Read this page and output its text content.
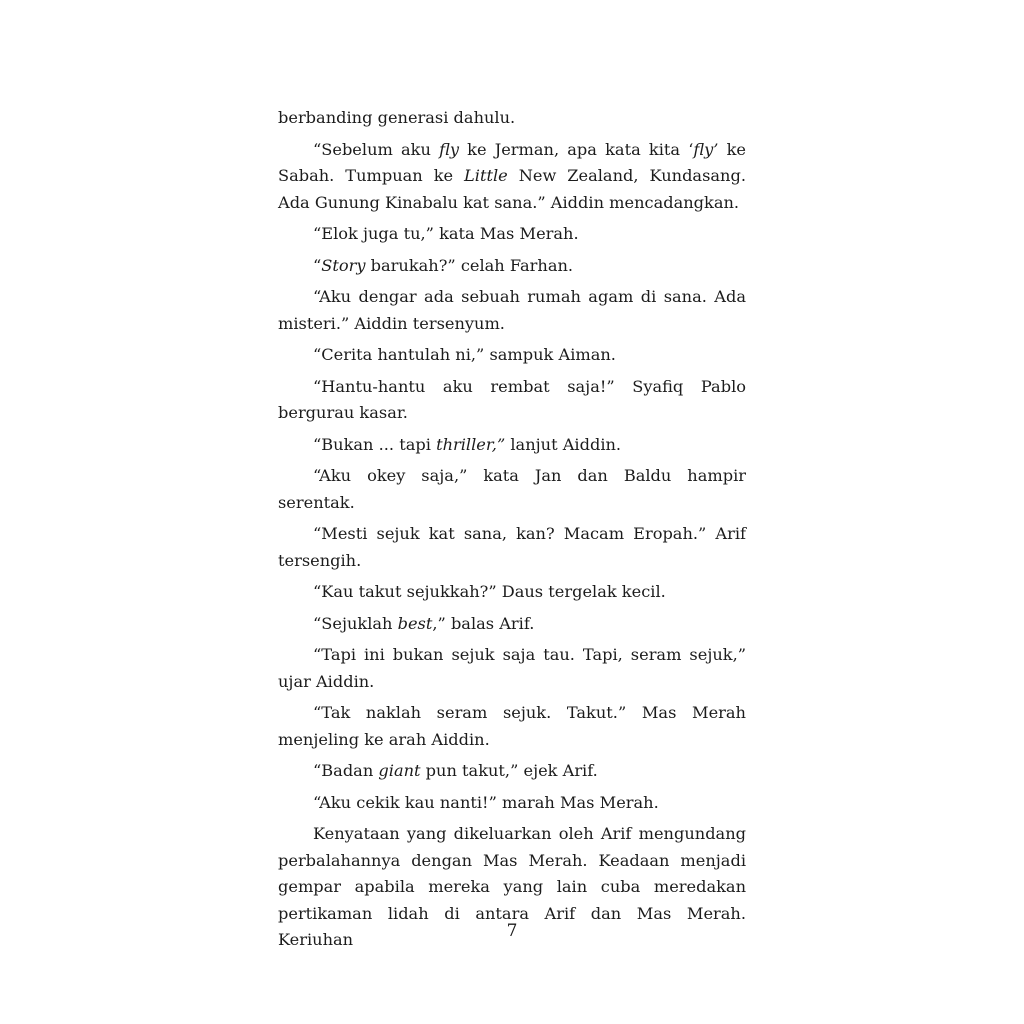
berbanding generasi dahulu.

“Sebelum aku fly ke Jerman, apa kata kita ‘fly’ ke Sabah. Tumpuan ke Little New Zealand, Kundasang. Ada Gunung Kinabalu kat sana.” Aiddin mencadangkan.

“Elok juga tu,” kata Mas Merah.

“Story barukah?” celah Farhan.

“Aku dengar ada sebuah rumah agam di sana. Ada misteri.” Aiddin tersenyum.

“Cerita hantulah ni,” sampuk Aiman.

“Hantu-hantu aku rembat saja!” Syafiq Pablo bergurau kasar.

“Bukan ... tapi thriller,” lanjut Aiddin.

“Aku okey saja,” kata Jan dan Baldu hampir serentak.

“Mesti sejuk kat sana, kan? Macam Eropah.” Arif tersengih.

“Kau takut sejukkah?” Daus tergelak kecil.

“Sejuklah best,” balas Arif.

“Tapi ini bukan sejuk saja tau. Tapi, seram sejuk,” ujar Aiddin.

“Tak naklah seram sejuk. Takut.” Mas Merah menjeling ke arah Aiddin.

“Badan giant pun takut,” ejek Arif.

“Aku cekik kau nanti!” marah Mas Merah.

Kenyataan yang dikeluarkan oleh Arif mengundang perbalahannya dengan Mas Merah. Keadaan menjadi gempar apabila mereka yang lain cuba meredakan pertikaman lidah di antara Arif dan Mas Merah. Keriuhan	7
